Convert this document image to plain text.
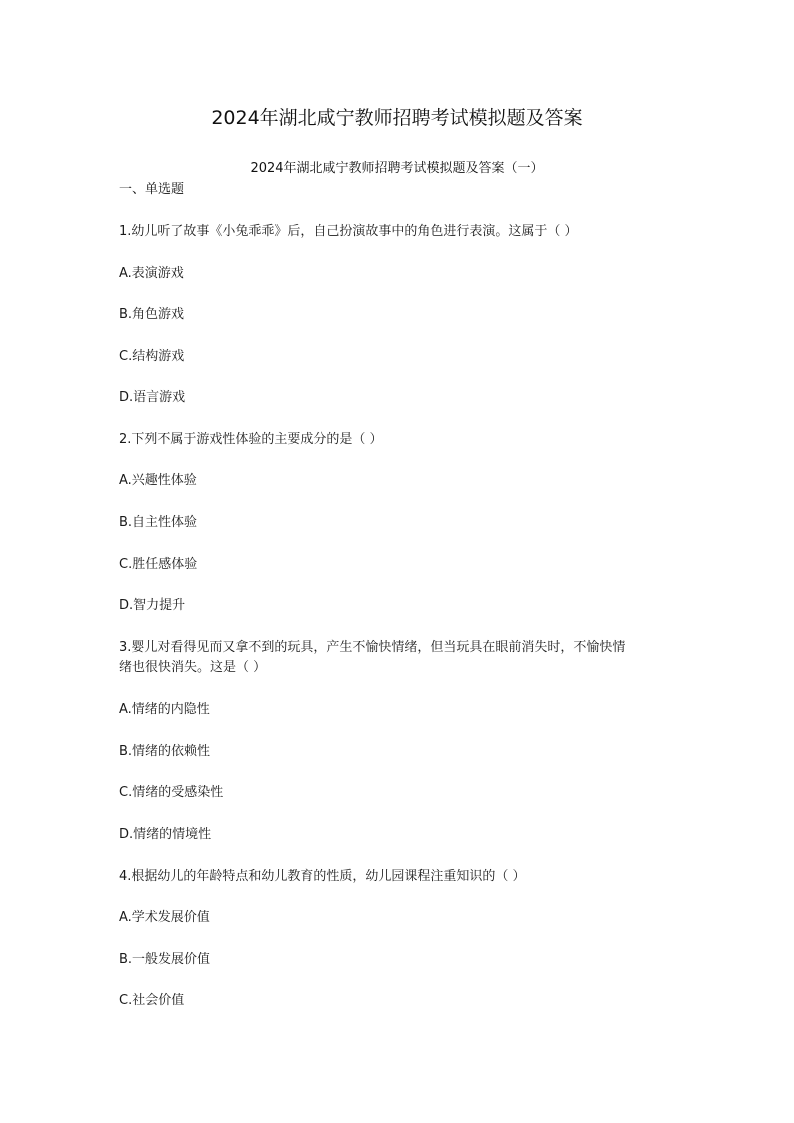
2024年湖北咸宁教师招聘考试模拟题及答案
2024年湖北咸宁教师招聘考试模拟题及答案（一）
一、单选题
1.幼儿听了故事《小兔乖乖》后，自己扮演故事中的角色进行表演。这属于（ ）
A.表演游戏
B.角色游戏
C.结构游戏
D.语言游戏
2.下列不属于游戏性体验的主要成分的是（ ）
A.兴趣性体验
B.自主性体验
C.胜任感体验
D.智力提升
3.婴儿对看得见而又拿不到的玩具，产生不愉快情绪，但当玩具在眼前消失时，不愉快情
绪也很快消失。这是（ ）
A.情绪的内隐性
B.情绪的依赖性
C.情绪的受感染性
D.情绪的情境性
4.根据幼儿的年龄特点和幼儿教育的性质，幼儿园课程注重知识的（ ）
A.学术发展价值
B.一般发展价值
C.社会价值
